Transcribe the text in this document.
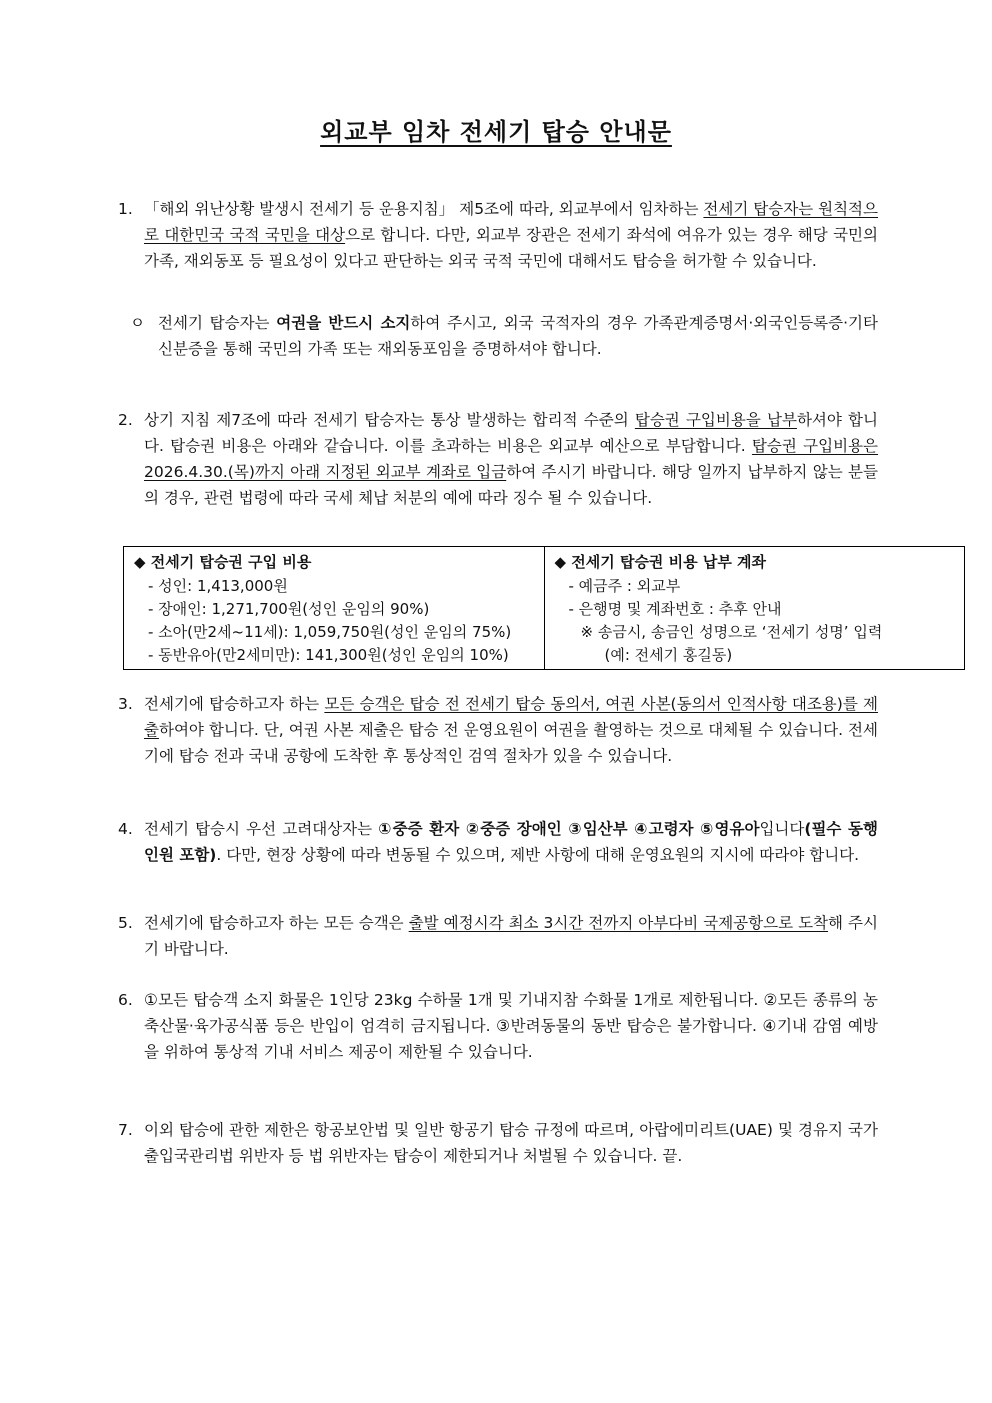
외교부 임차 전세기 탑승 안내문
1. 「해외 위난상황 발생시 전세기 등 운용지침」 제5조에 따라, 외교부에서 임차하는 전세기 탑승자는 원칙적으로 대한민국 국적 국민을 대상으로 합니다. 다만, 외교부 장관은 전세기 좌석에 여유가 있는 경우 해당 국민의 가족, 재외동포 등 필요성이 있다고 판단하는 외국 국적 국민에 대해서도 탑승을 허가할 수 있습니다.
ㅇ 전세기 탑승자는 여권을 반드시 소지하여 주시고, 외국 국적자의 경우 가족관계증명서·외국인등록증·기타 신분증을 통해 국민의 가족 또는 재외동포임을 증명하셔야 합니다.
2. 상기 지침 제7조에 따라 전세기 탑승자는 통상 발생하는 합리적 수준의 탑승권 구입비용을 납부하셔야 합니다. 탑승권 비용은 아래와 같습니다. 이를 초과하는 비용은 외교부 예산으로 부담합니다. 탑승권 구입비용은 2026.4.30.(목)까지 아래 지정된 외교부 계좌로 입금하여 주시기 바랍니다. 해당 일까지 납부하지 않는 분들의 경우, 관련 법령에 따라 국세 체납 처분의 예에 따라 징수 될 수 있습니다.
◆ 전세기 탑승권 구입 비용
- 성인: 1,413,000원
- 장애인: 1,271,700원(성인 운임의 90%)
- 소아(만2세~11세): 1,059,750원(성인 운임의 75%)
- 동반유아(만2세미만): 141,300원(성인 운임의 10%)

◆ 전세기 탑승권 비용 납부 계좌
- 예금주 : 외교부
- 은행명 및 계좌번호 : 추후 안내
※ 송금시, 송금인 성명으로 ‘전세기 성명’ 입력
(예: 전세기 홍길동)
3. 전세기에 탑승하고자 하는 모든 승객은 탑승 전 전세기 탑승 동의서, 여권 사본(동의서 인적사항 대조용)를 제출하여야 합니다. 단, 여권 사본 제출은 탑승 전 운영요원이 여권을 촬영하는 것으로 대체될 수 있습니다. 전세기에 탑승 전과 국내 공항에 도착한 후 통상적인 검역 절차가 있을 수 있습니다.
4. 전세기 탑승시 우선 고려대상자는 ①중증 환자 ②중증 장애인 ③임산부 ④고령자 ⑤영유아입니다(필수 동행 인원 포함). 다만, 현장 상황에 따라 변동될 수 있으며, 제반 사항에 대해 운영요원의 지시에 따라야 합니다.
5. 전세기에 탑승하고자 하는 모든 승객은 출발 예정시각 최소 3시간 전까지 아부다비 국제공항으로 도착해 주시기 바랍니다.
6. ①모든 탑승객 소지 화물은 1인당 23kg 수하물 1개 및 기내지참 수화물 1개로 제한됩니다. ②모든 종류의 농축산물·육가공식품 등은 반입이 엄격히 금지됩니다. ③반려동물의 동반 탑승은 불가합니다. ④기내 감염 예방을 위하여 통상적 기내 서비스 제공이 제한될 수 있습니다.
7. 이외 탑승에 관한 제한은 항공보안법 및 일반 항공기 탑승 규정에 따르며, 아랍에미리트(UAE) 및 경유지 국가 출입국관리법 위반자 등 법 위반자는 탑승이 제한되거나 처벌될 수 있습니다. 끝.
